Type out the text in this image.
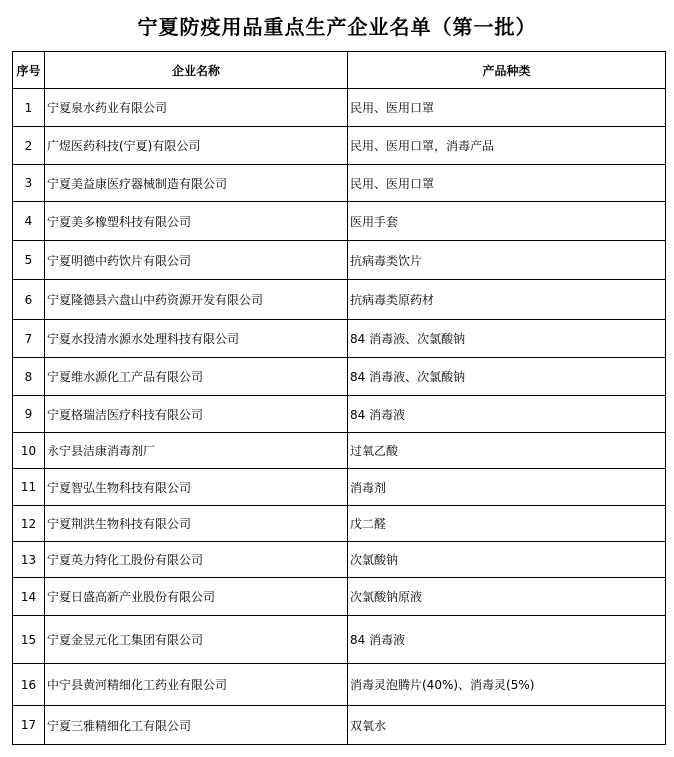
宁夏防疫用品重点生产企业名单（第一批）
序号	企业名称	产品种类
1	宁夏泉水药业有限公司	民用、医用口罩
2	广煜医药科技(宁夏)有限公司	民用、医用口罩，消毒产品
3	宁夏美益康医疗器械制造有限公司	民用、医用口罩
4	宁夏美多橡塑科技有限公司	医用手套
5	宁夏明德中药饮片有限公司	抗病毒类饮片
6	宁夏隆德县六盘山中药资源开发有限公司	抗病毒类原药材
7	宁夏水投清水源水处理科技有限公司	84 消毒液、次氯酸钠
8	宁夏维水源化工产品有限公司	84 消毒液、次氯酸钠
9	宁夏格瑞洁医疗科技有限公司	84 消毒液
10	永宁县洁康消毒剂厂	过氧乙酸
11	宁夏智弘生物科技有限公司	消毒剂
12	宁夏荆洪生物科技有限公司	戊二醛
13	宁夏英力特化工股份有限公司	次氯酸钠
14	宁夏日盛高新产业股份有限公司	次氯酸钠原液
15	宁夏金昱元化工集团有限公司	84 消毒液
16	中宁县黄河精细化工药业有限公司	消毒灵泡腾片(40%)、消毒灵(5%)
17	宁夏三雅精细化工有限公司	双氧水
